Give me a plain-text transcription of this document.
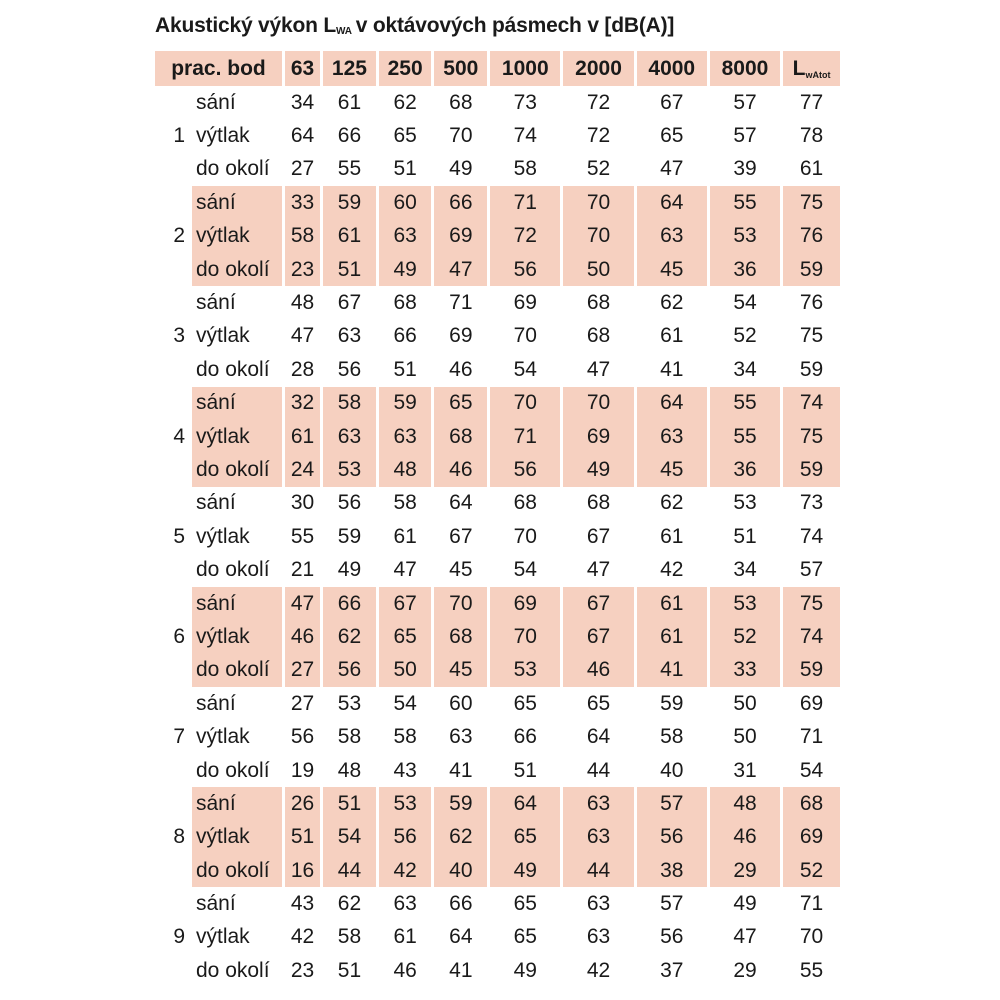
Akustický výkon $L_{WA}$ v oktávových pásmech v [dB(A)]
prac. bod		63	125	250	500	1000	2000	4000	8000	$L_{wAtot}$
	sání	34	61	62	68	73	72	67	57	77
1	výtlak	64	66	65	70	74	72	65	57	78
	do okolí	27	55	51	49	58	52	47	39	61
	sání	33	59	60	66	71	70	64	55	75
2	výtlak	58	61	63	69	72	70	63	53	76
	do okolí	23	51	49	47	56	50	45	36	59
	sání	48	67	68	71	69	68	62	54	76
3	výtlak	47	63	66	69	70	68	61	52	75
	do okolí	28	56	51	46	54	47	41	34	59
	sání	32	58	59	65	70	70	64	55	74
4	výtlak	61	63	63	68	71	69	63	55	75
	do okolí	24	53	48	46	56	49	45	36	59
	sání	30	56	58	64	68	68	62	53	73
5	výtlak	55	59	61	67	70	67	61	51	74
	do okolí	21	49	47	45	54	47	42	34	57
	sání	47	66	67	70	69	67	61	53	75
6	výtlak	46	62	65	68	70	67	61	52	74
	do okolí	27	56	50	45	53	46	41	33	59
	sání	27	53	54	60	65	65	59	50	69
7	výtlak	56	58	58	63	66	64	58	50	71
	do okolí	19	48	43	41	51	44	40	31	54
	sání	26	51	53	59	64	63	57	48	68
8	výtlak	51	54	56	62	65	63	56	46	69
	do okolí	16	44	42	40	49	44	38	29	52
	sání	43	62	63	66	65	63	57	49	71
9	výtlak	42	58	61	64	65	63	56	47	70
	do okolí	23	51	46	41	49	42	37	29	55
